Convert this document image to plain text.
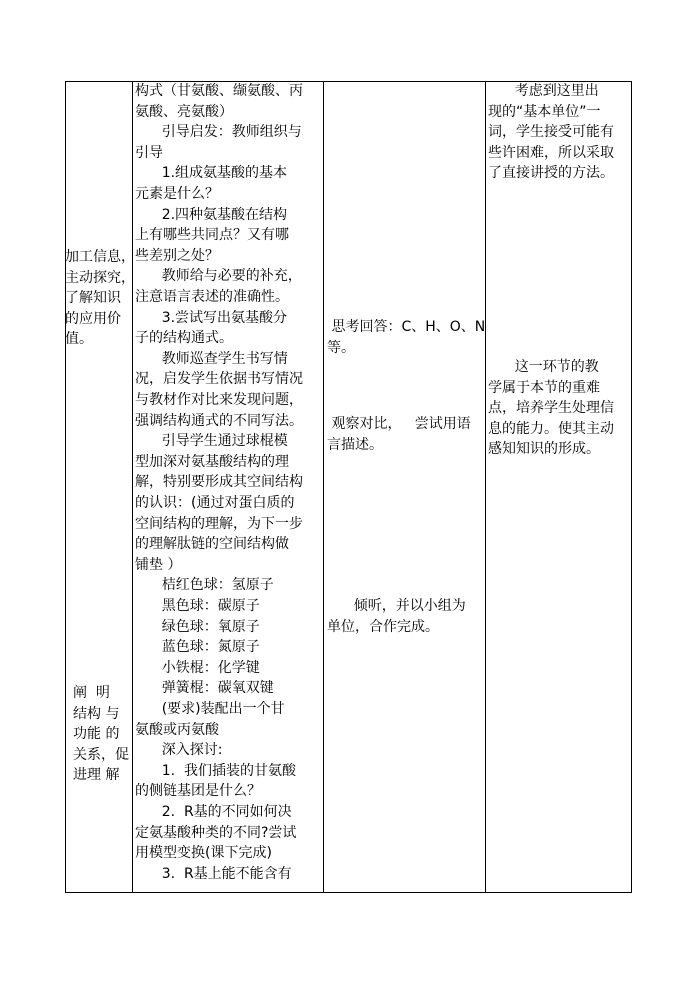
加工信息，
主动探究，
了解知识
的应用价
值。
阐  明
结构 与
功能 的
关系，促
进理 解
构式（甘氨酸、缬氨酸、丙
氨酸、亮氨酸）
引导启发：教师组织与
引导
1.组成氨基酸的基本
元素是什么？
2.四种氨基酸在结构
上有哪些共同点？又有哪
些差别之处？
教师给与必要的补充，
注意语言表述的准确性。
3.尝试写出氨基酸分
子的结构通式。
教师巡查学生书写情
况，启发学生依据书写情况
与教材作对比来发现问题，
强调结构通式的不同写法。
引导学生通过球棍模
型加深对氨基酸结构的理
解，特别要形成其空间结构
的认识：(通过对蛋白质的
空间结构的理解，为下一步
的理解肽链的空间结构做
铺垫 ）
桔红色球：氢原子
黑色球：碳原子
绿色球：氧原子
蓝色球：氮原子
小铁棍：化学键
弹簧棍：碳氧双键
(要求)装配出一个甘
氨酸或丙氨酸
深入探讨:
1.  我们插装的甘氨酸
的侧链基团是什么？
2.  R基的不同如何决
定氨基酸种类的不同?尝试
用模型变换(课下完成)
3.  R基上能不能含有
思考回答：C、H、O、N
等。
观察对比，   尝试用语
言描述。
倾听，并以小组为
单位，合作完成。
考虑到这里出
现的“基本单位”一
词，学生接受可能有
些许困难，所以采取
了直接讲授的方法。
这一环节的教
学属于本节的重难
点，培养学生处理信
息的能力。使其主动
感知知识的形成。
